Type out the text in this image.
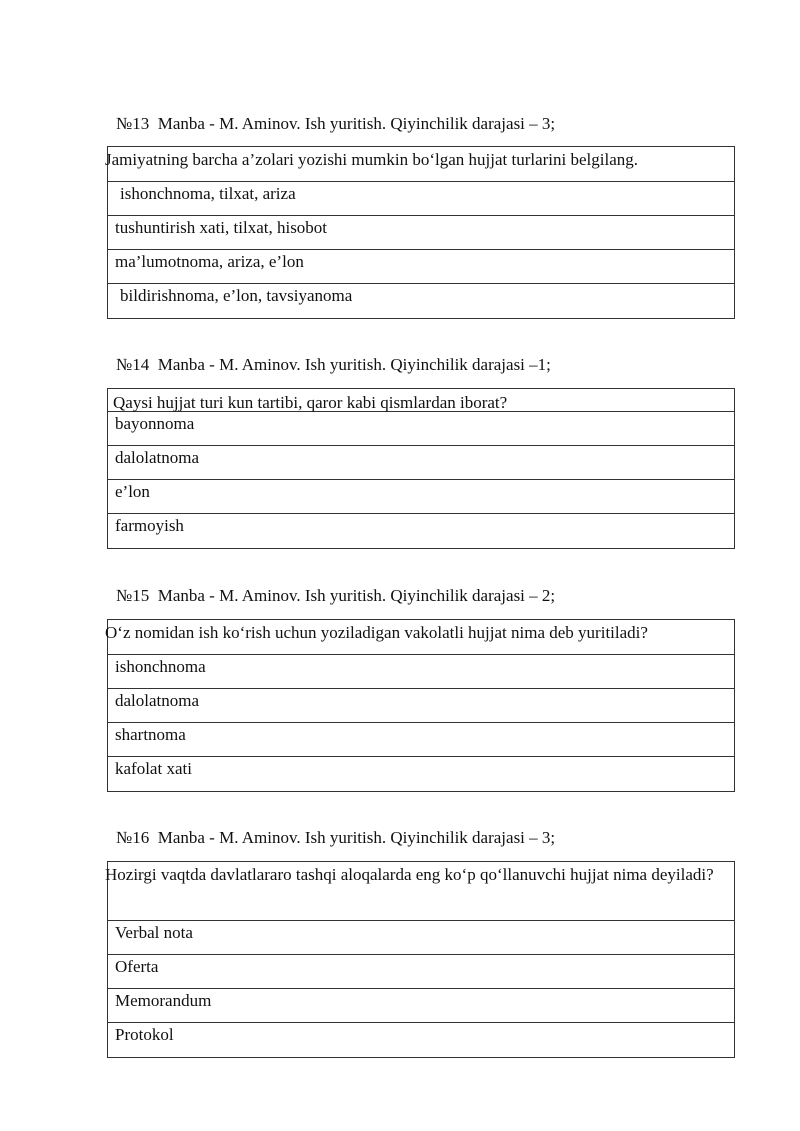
№13  Manba - M. Aminov. Ish yuritish. Qiyinchilik darajasi – 3;
Jamiyatning barcha a’zolari yozishi mumkin bo‘lgan hujjat turlarini belgilang.
ishonchnoma, tilxat, ariza
tushuntirish xati, tilxat, hisobot
ma’lumotnoma, ariza, e’lon
bildirishnoma, e’lon, tavsiyanoma
№14  Manba - M. Aminov. Ish yuritish. Qiyinchilik darajasi –1;
Qaysi hujjat turi kun tartibi, qaror kabi qismlardan iborat?
bayonnoma
dalolatnoma
e’lon
farmoyish
№15  Manba - M. Aminov. Ish yuritish. Qiyinchilik darajasi – 2;
O‘z nomidan ish ko‘rish uchun yoziladigan vakolatli hujjat nima deb yuritiladi?
ishonchnoma
dalolatnoma
shartnoma
kafolat xati
№16  Manba - M. Aminov. Ish yuritish. Qiyinchilik darajasi – 3;
Hozirgi vaqtda davlatlararo tashqi aloqalarda eng ko‘p qo‘llanuvchi hujjat nima deyiladi?
Verbal nota
Oferta
Memorandum
Protokol
